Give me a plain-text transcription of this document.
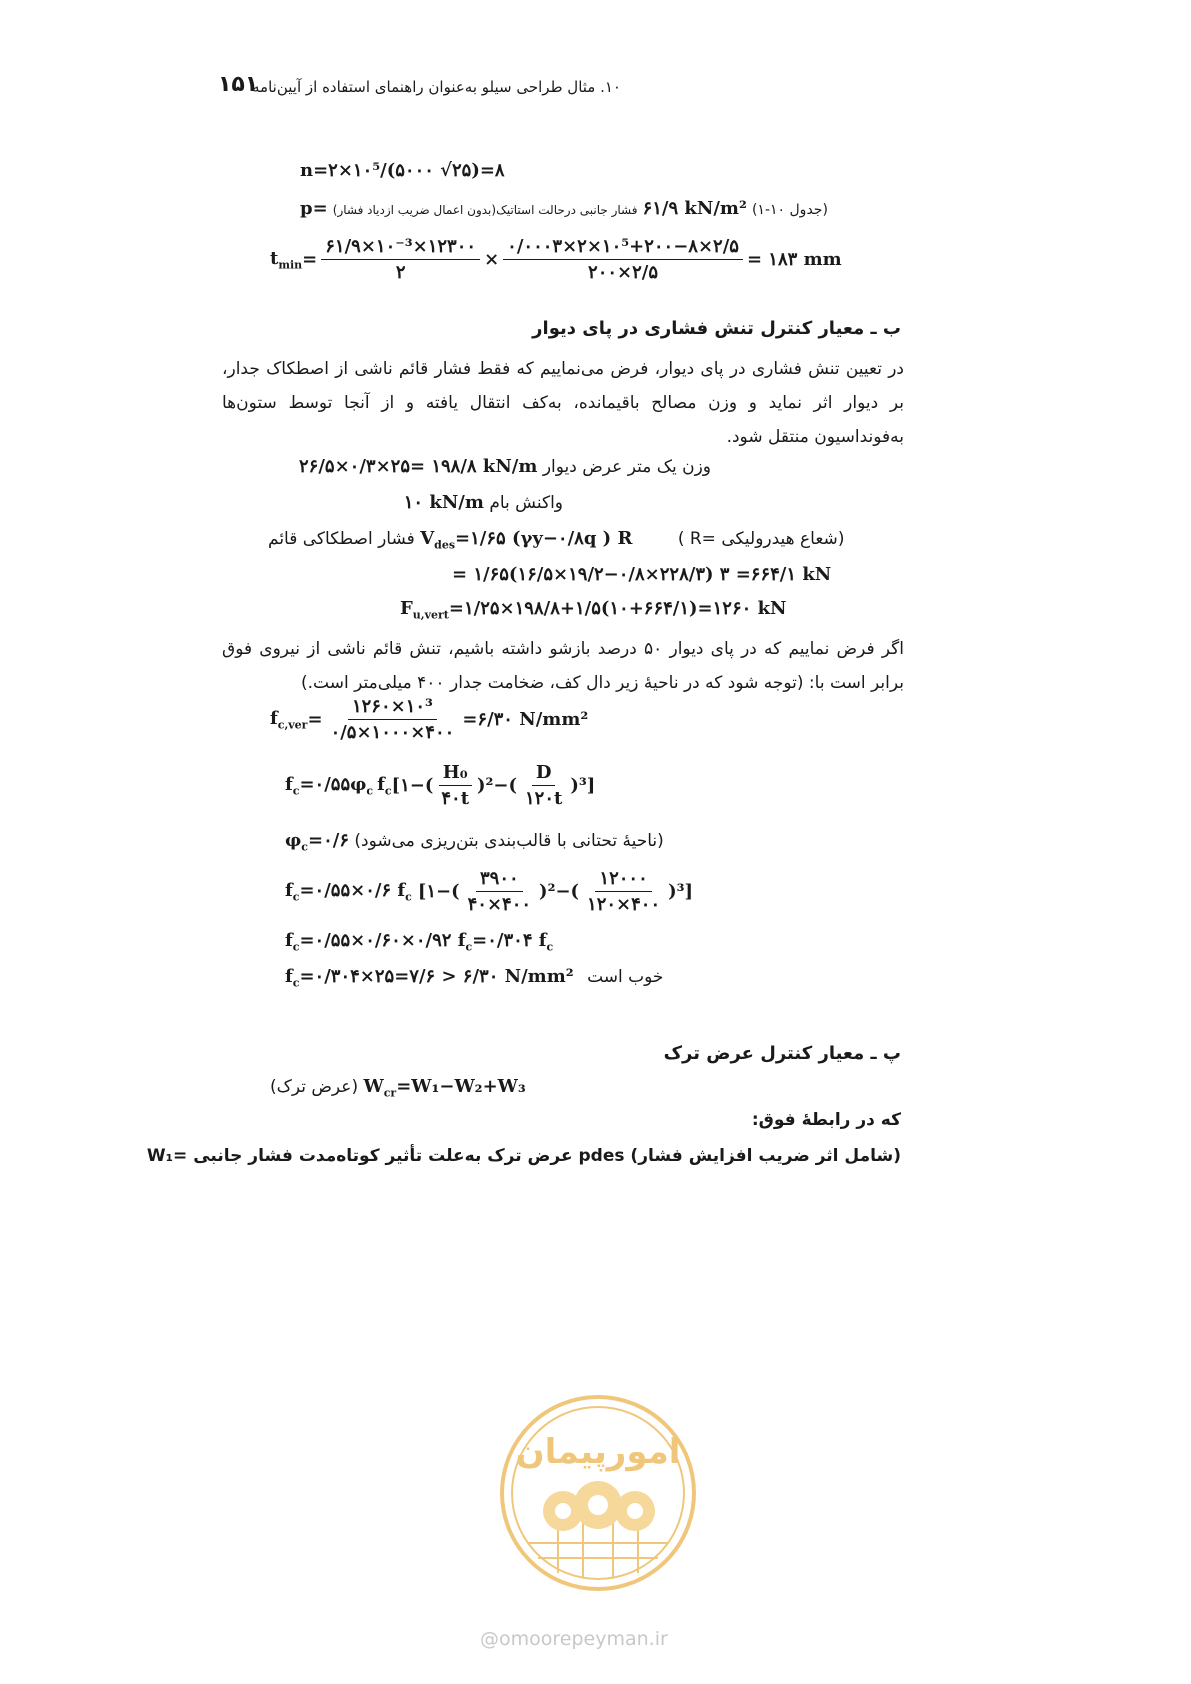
۱۵۱
۱۰. مثال طراحی سیلو به‌عنوان راهنمای استفاده از آیین‌نامه
n=۲×۱۰⁵/(۵۰۰۰ √۲۵)=۸
p= فشار جانبی درحالت استاتیک(بدون اعمال ضریب ازدیاد فشار) ۶۱/۹ kN/m² (جدول ۱۰-۱)
$t_{min} = \frac{\text{۶۱/۹×۱۰⁻³×۱۲۳۰۰}}{۲} \times \frac{\text{۰/۰۰۰۳×۲×۱۰⁵+۲۰۰−۸×۲/۵}}{۲۰۰\times ۲/۵}$ = ۱۸۳ mm
ب ـ معیار کنترل تنش فشاری در پای دیوار
در تعیین تنش فشاری در پای دیوار، فرض می‌نماییم که فقط فشار قائم ناشی از اصطکاک جدار، بر دیوار اثر نماید و وزن مصالح باقیمانده، به‌کف انتقال یافته و از آنجا توسط ستون‌ها به‌فونداسیون منتقل شود.
وزن یک متر عرض دیوار ۲۶/۵×۰/۳×۲۵= ۱۹۸/۸ kN/m
واکنش بام ۱۰ kN/m
فشار اصطکاکی قائم $V_{des}=۱/۶۵$ (γy−۰/۸q ) R	( R= شعاع هیدرولیکی)
= ۱/۶۵(۱۶/۵×۱۹/۲−۰/۸×۲۲۸/۳) ۳ =۶۶۴/۱ kN
$F_{u,vert}=۱/۲۵\times ۱۹۸/۸+۱/۵(۱۰+۶۶۴/۱)=۱۲۶۰$ kN
اگر فرض نماییم که در پای دیوار ۵۰ درصد بازشو داشته باشیم، تنش قائم ناشی از نیروی فوق برابر است با: (توجه شود که در ناحیهٔ زیر دال کف، ضخامت جدار ۴۰۰ میلی‌متر است.)
$f_{c,ver} = \frac{\text{۱۲۶۰×۱۰³}}{۰/۵\times ۱۰۰۰\times ۴۰۰}$ =۶/۳۰ N/mm²
$f_c$ $=۰/۵۵\varphi_c$ $f_c$ [۱−( $\frac{\text{H₀}}{۴۰t} )^2-( \frac{D}{۱۲۰t} )^3$]
$\varphi_c=۰/۶$ (ناحیهٔ تحتانی با قالب‌بندی بتن‌ریزی می‌شود)
$f_c$ =۰/۵۵×۰/۶ $f_c$ [۱−( $\frac{۳۹۰۰}{۴۰\times ۴۰۰} )^2-( \frac{۱۲۰۰۰}{۱۲۰\times ۴۰۰} )^3$]
$f_c=۰/۵۵\times ۰/۶۰\times ۰/۹۲$ $f_c=۰/۳۰۴$ $f_c$
$f_c=۰/۳۰۴\times ۲۵=۷/۶$ > ۶/۳۰ N/mm² خوب است
پ ـ معیار کنترل عرض ترک
(عرض ترک) $W_{cr}=W_1-W_2+W_3$
که در رابطهٔ فوق:
W₁= عرض ترک به‌علت تأثیر کوتاه‌مدت فشار جانبی pdes (شامل اثر ضریب افزایش فشار)
امورپیمان
@omoorepeyman.ir
